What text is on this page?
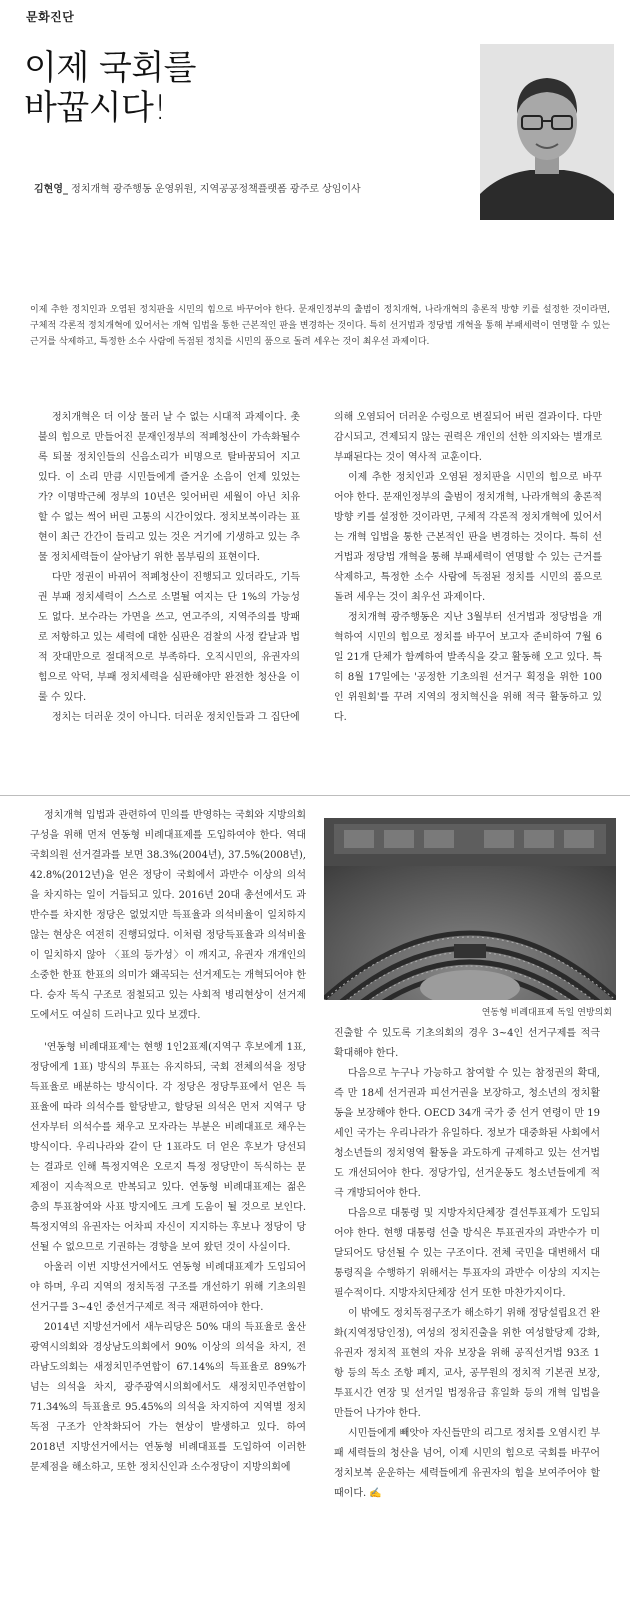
문화진단
이제 국회를
바꿉시다!
김현영_ 정치개혁 광주행동 운영위원, 지역공공정책플랫폼 광주로 상임이사

이제 추한 정치인과 오염된 정치판을 시민의 힘으로 바꾸어야 한다. 문재인정부의 출범이 정치개혁, 나라개혁의 총론적 방향 키를 설정한 것이라면, 구체적 각론적 정치개혁에 있어서는 개혁 입법을 통한 근본적인 판을 변경하는 것이다. 특히 선거법과 정당법 개혁을 통해 부패세력이 연명할 수 있는 근거를 삭제하고, 특정한 소수 사람에 독점된 정치를 시민의 품으로 돌려 세우는 것이 최우선 과제이다.

정치개혁은 더 이상 물러 날 수 없는 시대적 과제이다. 촛불의 힘으로 만들어진 문재인정부의 적폐청산이 가속화될수록 퇴물 정치인들의 신음소리가 비명으로 탈바꿈되어 지고 있다. 이 소리 만큼 시민들에게 즐거운 소음이 언제 있었는가? 이명박근혜 정부의 10년은 잊어버린 세월이 아닌 치유할 수 없는 썩어 버린 고통의 시간이었다. 정치보복이라는 표현이 최근 간간이 들리고 있는 것은 거기에 기생하고 있는 추물 정치세력들이 살아남기 위한 몸부림의 표현이다.

다만 정권이 바뀌어 적폐청산이 진행되고 있더라도, 기득권 부패 정치세력이 스스로 소멸될 여지는 단 1%의 가능성도 없다. 보수라는 가면을 쓰고, 연고주의, 지역주의를 방패로 저항하고 있는 세력에 대한 심판은 검찰의 사정 칼날과 법적 잣대만으로 절대적으로 부족하다. 오직시민의, 유권자의 힘으로 악덕, 부패 정치세력을 심판해야만 완전한 청산을 이룰 수 있다.

정치는 더러운 것이 아니다. 더러운 정치인들과 그 집단에

의해 오염되어 더러운 수렁으로 변질되어 버린 결과이다. 다만 감시되고, 견제되지 않는 권력은 개인의 선한 의지와는 별개로 부패된다는 것이 역사적 교훈이다.

이제 추한 정치인과 오염된 정치판을 시민의 힘으로 바꾸어야 한다. 문재인정부의 출범이 정치개혁, 나라개혁의 총론적 방향 키를 설정한 것이라면, 구체적 각론적 정치개혁에 있어서는 개혁 입법을 통한 근본적인 판을 변경하는 것이다. 특히 선거법과 정당법 개혁을 통해 부패세력이 연명할 수 있는 근거를 삭제하고, 특정한 소수 사람에 독점된 정치를 시민의 품으로 돌려 세우는 것이 최우선 과제이다.

정치개혁 광주행동은 지난 3월부터 선거법과 정당법을 개혁하여 시민의 힘으로 정치를 바꾸어 보고자 준비하여 7월 6일 21개 단체가 함께하여 발족식을 갖고 활동해 오고 있다. 특히 8월 17일에는 '공정한 기초의원 선거구 획정을 위한 100인 위원회'를 꾸려 지역의 정치혁신을 위해 적극 활동하고 있다.

정치개혁 입법과 관련하여 민의를 반영하는 국회와 지방의회 구성을 위해 먼저 연동형 비례대표제를 도입하여야 한다. 역대 국회의원 선거결과를 보면 38.3%(2004년), 37.5%(2008년), 42.8%(2012년)을 얻은 정당이 국회에서 과반수 이상의 의석을 차지하는 일이 거듭되고 있다. 2016년 20대 총선에서도 과반수를 차지한 정당은 없었지만 득표율과 의석비율이 일치하지 않는 현상은 여전히 진행되었다. 이처럼 정당득표율과 의석비율이 일치하지 않아 〈표의 등가성〉이 깨지고, 유권자 개개인의 소중한 한표 한표의 의미가 왜곡되는 선거제도는 개혁되어야 한다. 승자 독식 구조로 점철되고 있는 사회적 병리현상이 선거제도에서도 여실히 드러나고 있다 보겠다.

'연동형 비례대표제'는 현행 1인2표제(지역구 후보에게 1표, 정당에게 1표) 방식의 투표는 유지하되, 국회 전체의석을 정당득표율로 배분하는 방식이다. 각 정당은 정당투표에서 얻은 득표율에 따라 의석수를 할당받고, 할당된 의석은 먼저 지역구 당선자부터 의석수를 채우고 모자라는 부분은 비례대표로 채우는 방식이다. 우리나라와 같이 단 1표라도 더 얻은 후보가 당선되는 결과로 인해 특정지역은 오로지 특정 정당만이 독식하는 문제점이 지속적으로 반복되고 있다. 연동형 비례대표제는 젊은 층의 투표참여와 사표 방지에도 크게 도움이 될 것으로 보인다. 특정지역의 유권자는 어차피 자신이 지지하는 후보나 정당이 당선될 수 없으므로 기권하는 경향을 보여 왔던 것이 사실이다.

아울러 이번 지방선거에서도 연동형 비례대표제가 도입되어야 하며, 우리 지역의 정치독점 구조를 개선하기 위해 기초의원 선거구를 3~4인 중선거구제로 적극 재편하여야 한다.

2014년 지방선거에서 새누리당은 50% 대의 득표율로 울산광역시의회와 경상남도의회에서 90% 이상의 의석을 차지, 전라남도의회는 새정치민주연합이 67.14%의 득표율로 89%가 넘는 의석을 차지, 광주광역시의회에서도 새정치민주연합이 71.34%의 득표율로 95.45%의 의석을 차지하여 지역별 정치 독점 구조가 안착화되어 가는 현상이 발생하고 있다. 하여 2018년 지방선거에서는 연동형 비례대표를 도입하여 이러한 문제점을 해소하고, 또한 정치신인과 소수정당이 지방의회에

연동형 비례대표제 독일 연방의회

진출할 수 있도록 기초의회의 경우 3~4인 선거구제를 적극 확대해야 한다.

다음으로 누구나 가능하고 참여할 수 있는 참정권의 확대, 즉 만 18세 선거권과 피선거권을 보장하고, 청소년의 정치활동을 보장해야 한다. OECD 34개 국가 중 선거 연령이 만 19세인 국가는 우리나라가 유일하다. 정보가 대중화된 사회에서 청소년들의 정치영역 활동을 과도하게 규제하고 있는 선거법도 개선되어야 한다. 정당가입, 선거운동도 청소년들에게 적극 개방되어야 한다.

다음으로 대통령 및 지방자치단체장 결선투표제가 도입되어야 한다. 현행 대통령 선출 방식은 투표권자의 과반수가 미달되어도 당선될 수 있는 구조이다. 전체 국민을 대변해서 대통령직을 수행하기 위해서는 투표자의 과반수 이상의 지지는 필수적이다. 지방자치단체장 선거 또한 마찬가지이다.

이 밖에도 정치독점구조가 해소하기 위해 정당설립요건 완화(지역정당인정), 여성의 정치진출을 위한 여성할당제 강화, 유권자 정치적 표현의 자유 보장을 위해 공직선거법 93조 1항 등의 독소 조항 폐지, 교사, 공무원의 정치적 기본권 보장, 투표시간 연장 및 선거일 법정유급 휴일화 등의 개혁 입법을 만들어 나가야 한다.

시민들에게 빼앗아 자신들만의 리그로 정치를 오염시킨 부패 세력들의 청산을 넘어, 이제 시민의 힘으로 국회를 바꾸어 정치보복 운운하는 세력들에게 유권자의 힘을 보여주어야 할 때이다. ✍
